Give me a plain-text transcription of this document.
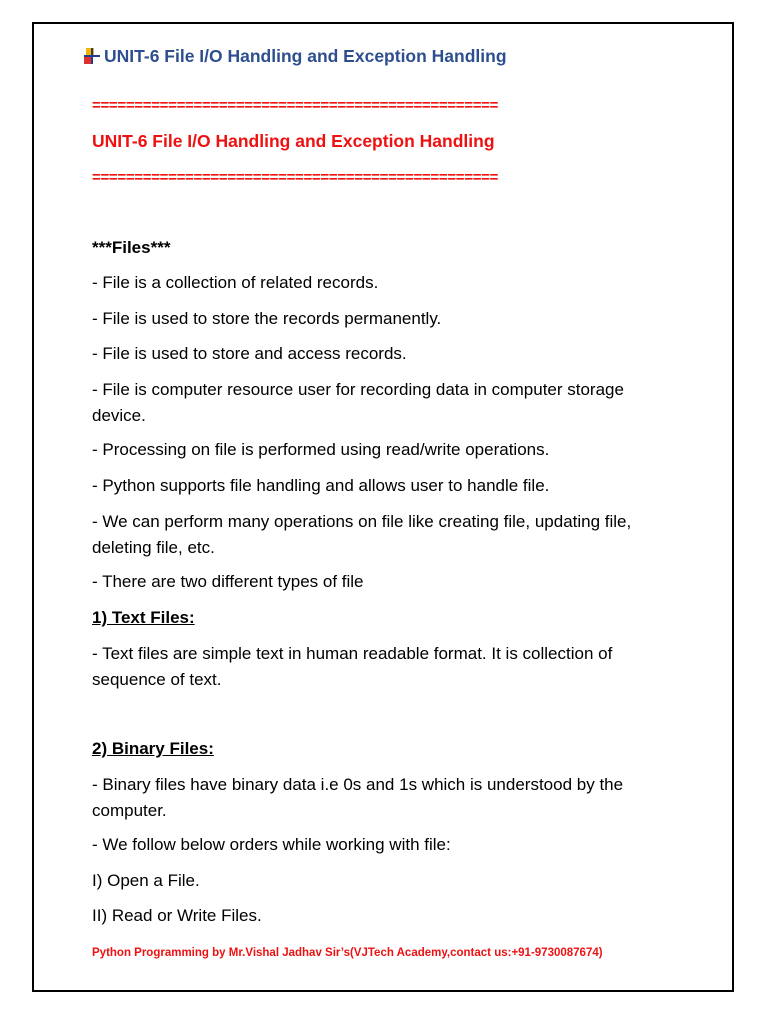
UNIT-6 File I/O Handling and Exception Handling
================================================
UNIT-6 File I/O Handling and Exception Handling
================================================
***Files***
- File is a collection of related records.
- File is used to store the records permanently.
- File is used to store and access records.
- File is computer resource user for recording data in computer storage device.
- Processing on file is performed using read/write operations.
- Python supports file handling and allows user to handle file.
- We can perform many operations on file like creating file, updating file, deleting file, etc.
- There are two different types of file
1) Text Files:
- Text files are simple text in human readable format. It is collection of sequence of text.
2) Binary Files:
- Binary files have binary data i.e 0s and 1s which is understood by the computer.
- We follow below orders while working with file:
I) Open a File.
II) Read or Write Files.
Python Programming by Mr.Vishal Jadhav Sir’s(VJTech Academy,contact us:+91-9730087674)
